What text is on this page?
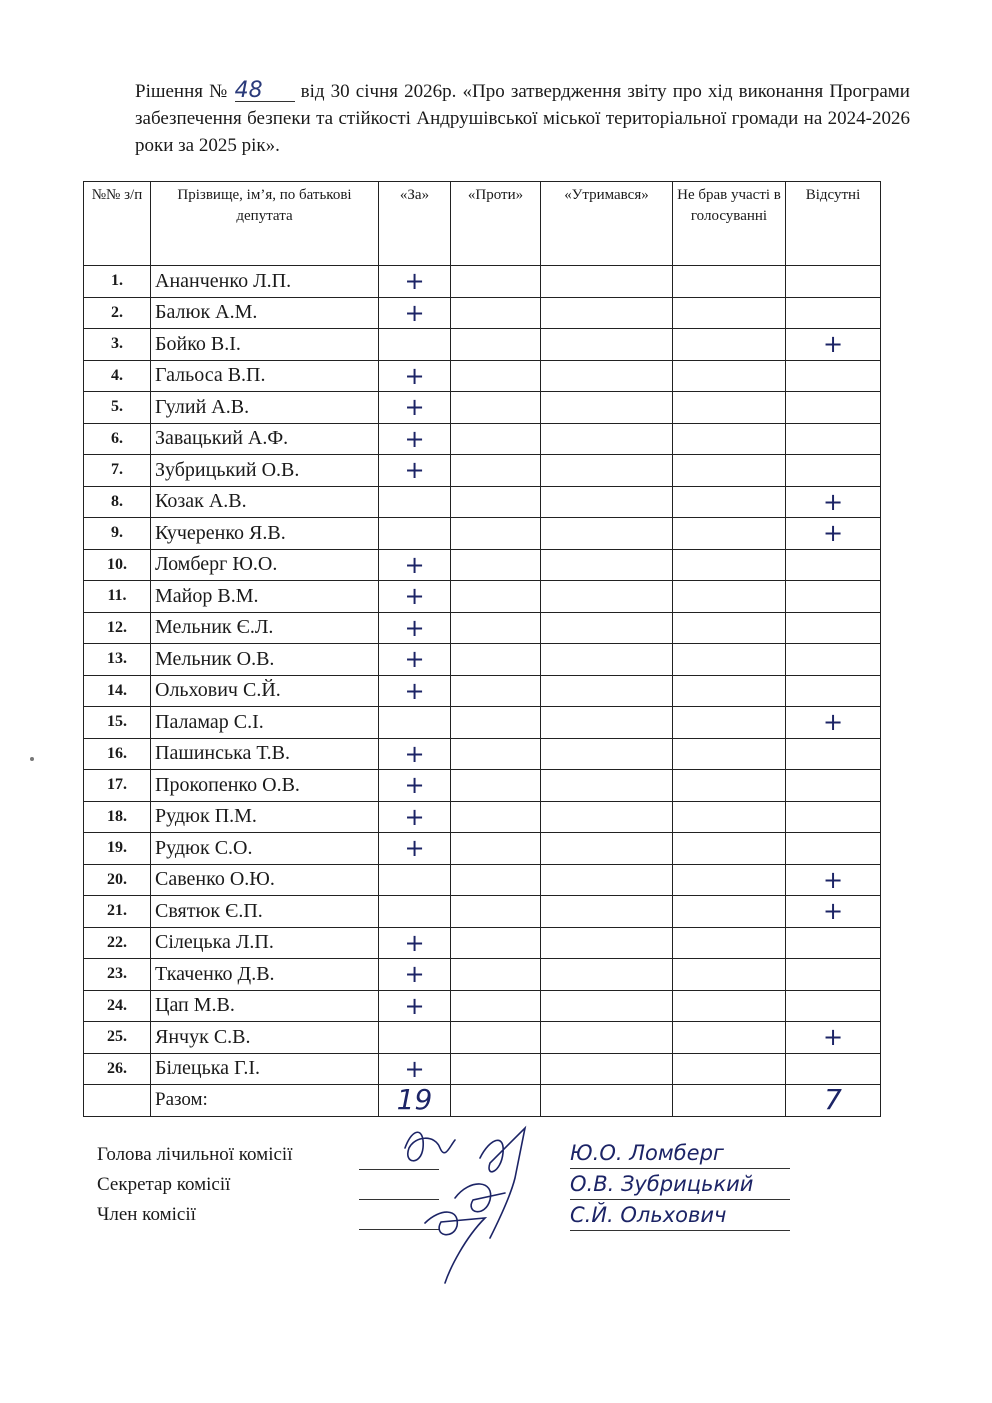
Рішення № 48 від 30 січня 2026р. «Про затвердження звіту про хід виконання Програми забезпечення безпеки та стійкості Андрушівської міської територіальної громади на 2024-2026 роки за 2025 рік».
№№ з/п	Прізвище, ім’я, по батькові депутата	«За»	«Проти»	«Утримався»	Не брав участі в голосуванні	Відсутні
1.	Ананченко Л.П.	+				
2.	Балюк А.М.	+				
3.	Бойко В.І.					+
4.	Гальоса В.П.	+				
5.	Гулий А.В.	+				
6.	Завацький А.Ф.	+				
7.	Зубрицький О.В.	+				
8.	Козак А.В.					+
9.	Кучеренко Я.В.					+
10.	Ломберг Ю.О.	+				
11.	Майор В.М.	+				
12.	Мельник Є.Л.	+				
13.	Мельник О.В.	+				
14.	Ольхович С.Й.	+				
15.	Паламар С.І.					+
16.	Пашинська Т.В.	+				
17.	Прокопенко О.В.	+				
18.	Рудюк П.М.	+				
19.	Рудюк С.О.	+				
20.	Савенко О.Ю.					+
21.	Святюк Є.П.					+
22.	Сілецька Л.П.	+				
23.	Ткаченко Д.В.	+				
24.	Цап М.В.	+				
25.	Янчук С.В.					+
26.	Білецька Г.І.	+				
	Разом:	19				7
Голова лічильної комісії
Секретар комісії
Член комісії
Ю.О. Ломберг
О.В. Зубрицький
С.Й. Ольхович
